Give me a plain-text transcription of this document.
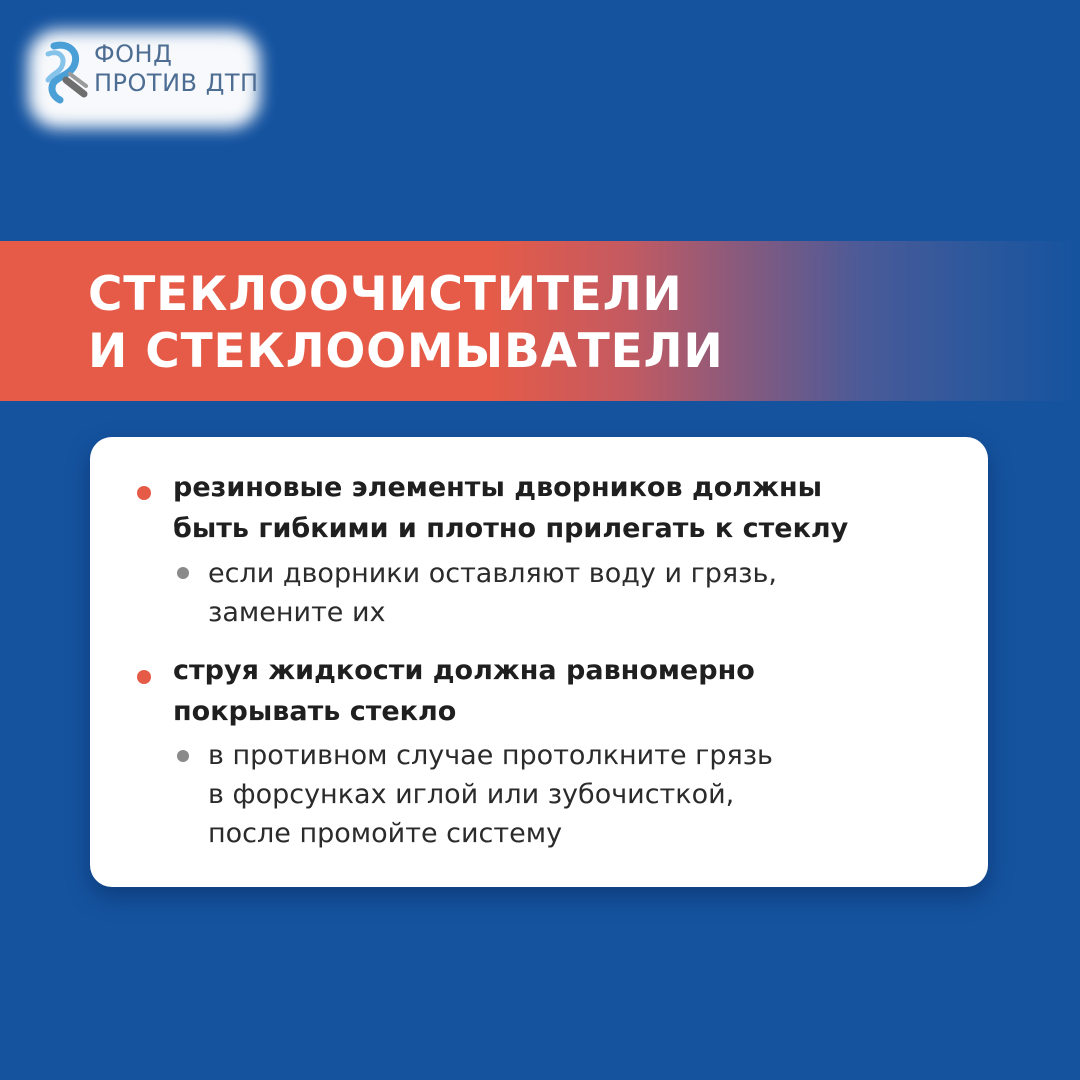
ФОНД
ПРОТИВ ДТП
СТЕКЛООЧИСТИТЕЛИ
И СТЕКЛООМЫВАТЕЛИ
резиновые элементы дворников должны
быть гибкими и плотно прилегать к стеклу
если дворники оставляют воду и грязь,
замените их
струя жидкости должна равномерно
покрывать стекло
в противном случае протолкните грязь
в форсунках иглой или зубочисткой,
после промойте систему
